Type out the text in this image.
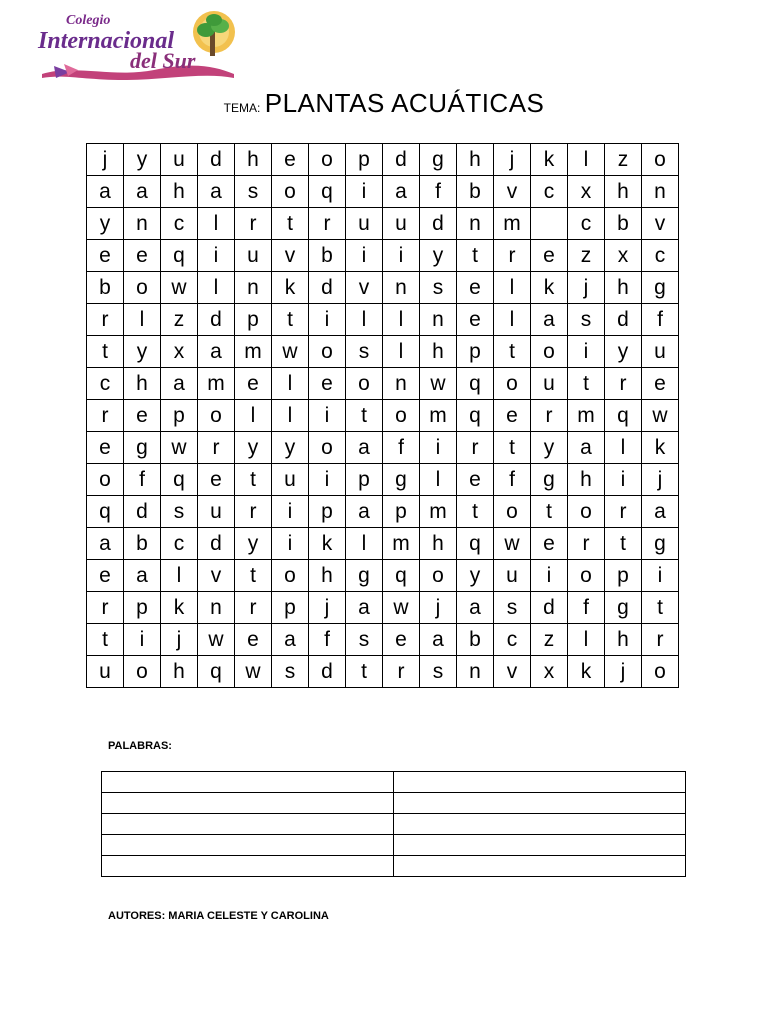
Colegio
Internacional
del Sur
TEMA: PLANTAS ACUÁTICAS
j	y	u	d	h	e	o	p	d	g	h	j	k	l	z	o
a	a	h	a	s	o	q	i	a	f	b	v	c	x	h	n
y	n	c	l	r	t	r	u	u	d	n	m		c	b	v
e	e	q	i	u	v	b	i	i	y	t	r	e	z	x	c
b	o	w	l	n	k	d	v	n	s	e	l	k	j	h	g
r	l	z	d	p	t	i	l	l	n	e	l	a	s	d	f
t	y	x	a	m	w	o	s	l	h	p	t	o	i	y	u
c	h	a	m	e	l	e	o	n	w	q	o	u	t	r	e
r	e	p	o	l	l	i	t	o	m	q	e	r	m	q	w
e	g	w	r	y	y	o	a	f	i	r	t	y	a	l	k
o	f	q	e	t	u	i	p	g	l	e	f	g	h	i	j
q	d	s	u	r	i	p	a	p	m	t	o	t	o	r	a
a	b	c	d	y	i	k	l	m	h	q	w	e	r	t	g
e	a	l	v	t	o	h	g	q	o	y	u	i	o	p	i
r	p	k	n	r	p	j	a	w	j	a	s	d	f	g	t
t	i	j	w	e	a	f	s	e	a	b	c	z	l	h	r
u	o	h	q	w	s	d	t	r	s	n	v	x	k	j	o
PALABRAS:

AUTORES: MARIA CELESTE Y CAROLINA
